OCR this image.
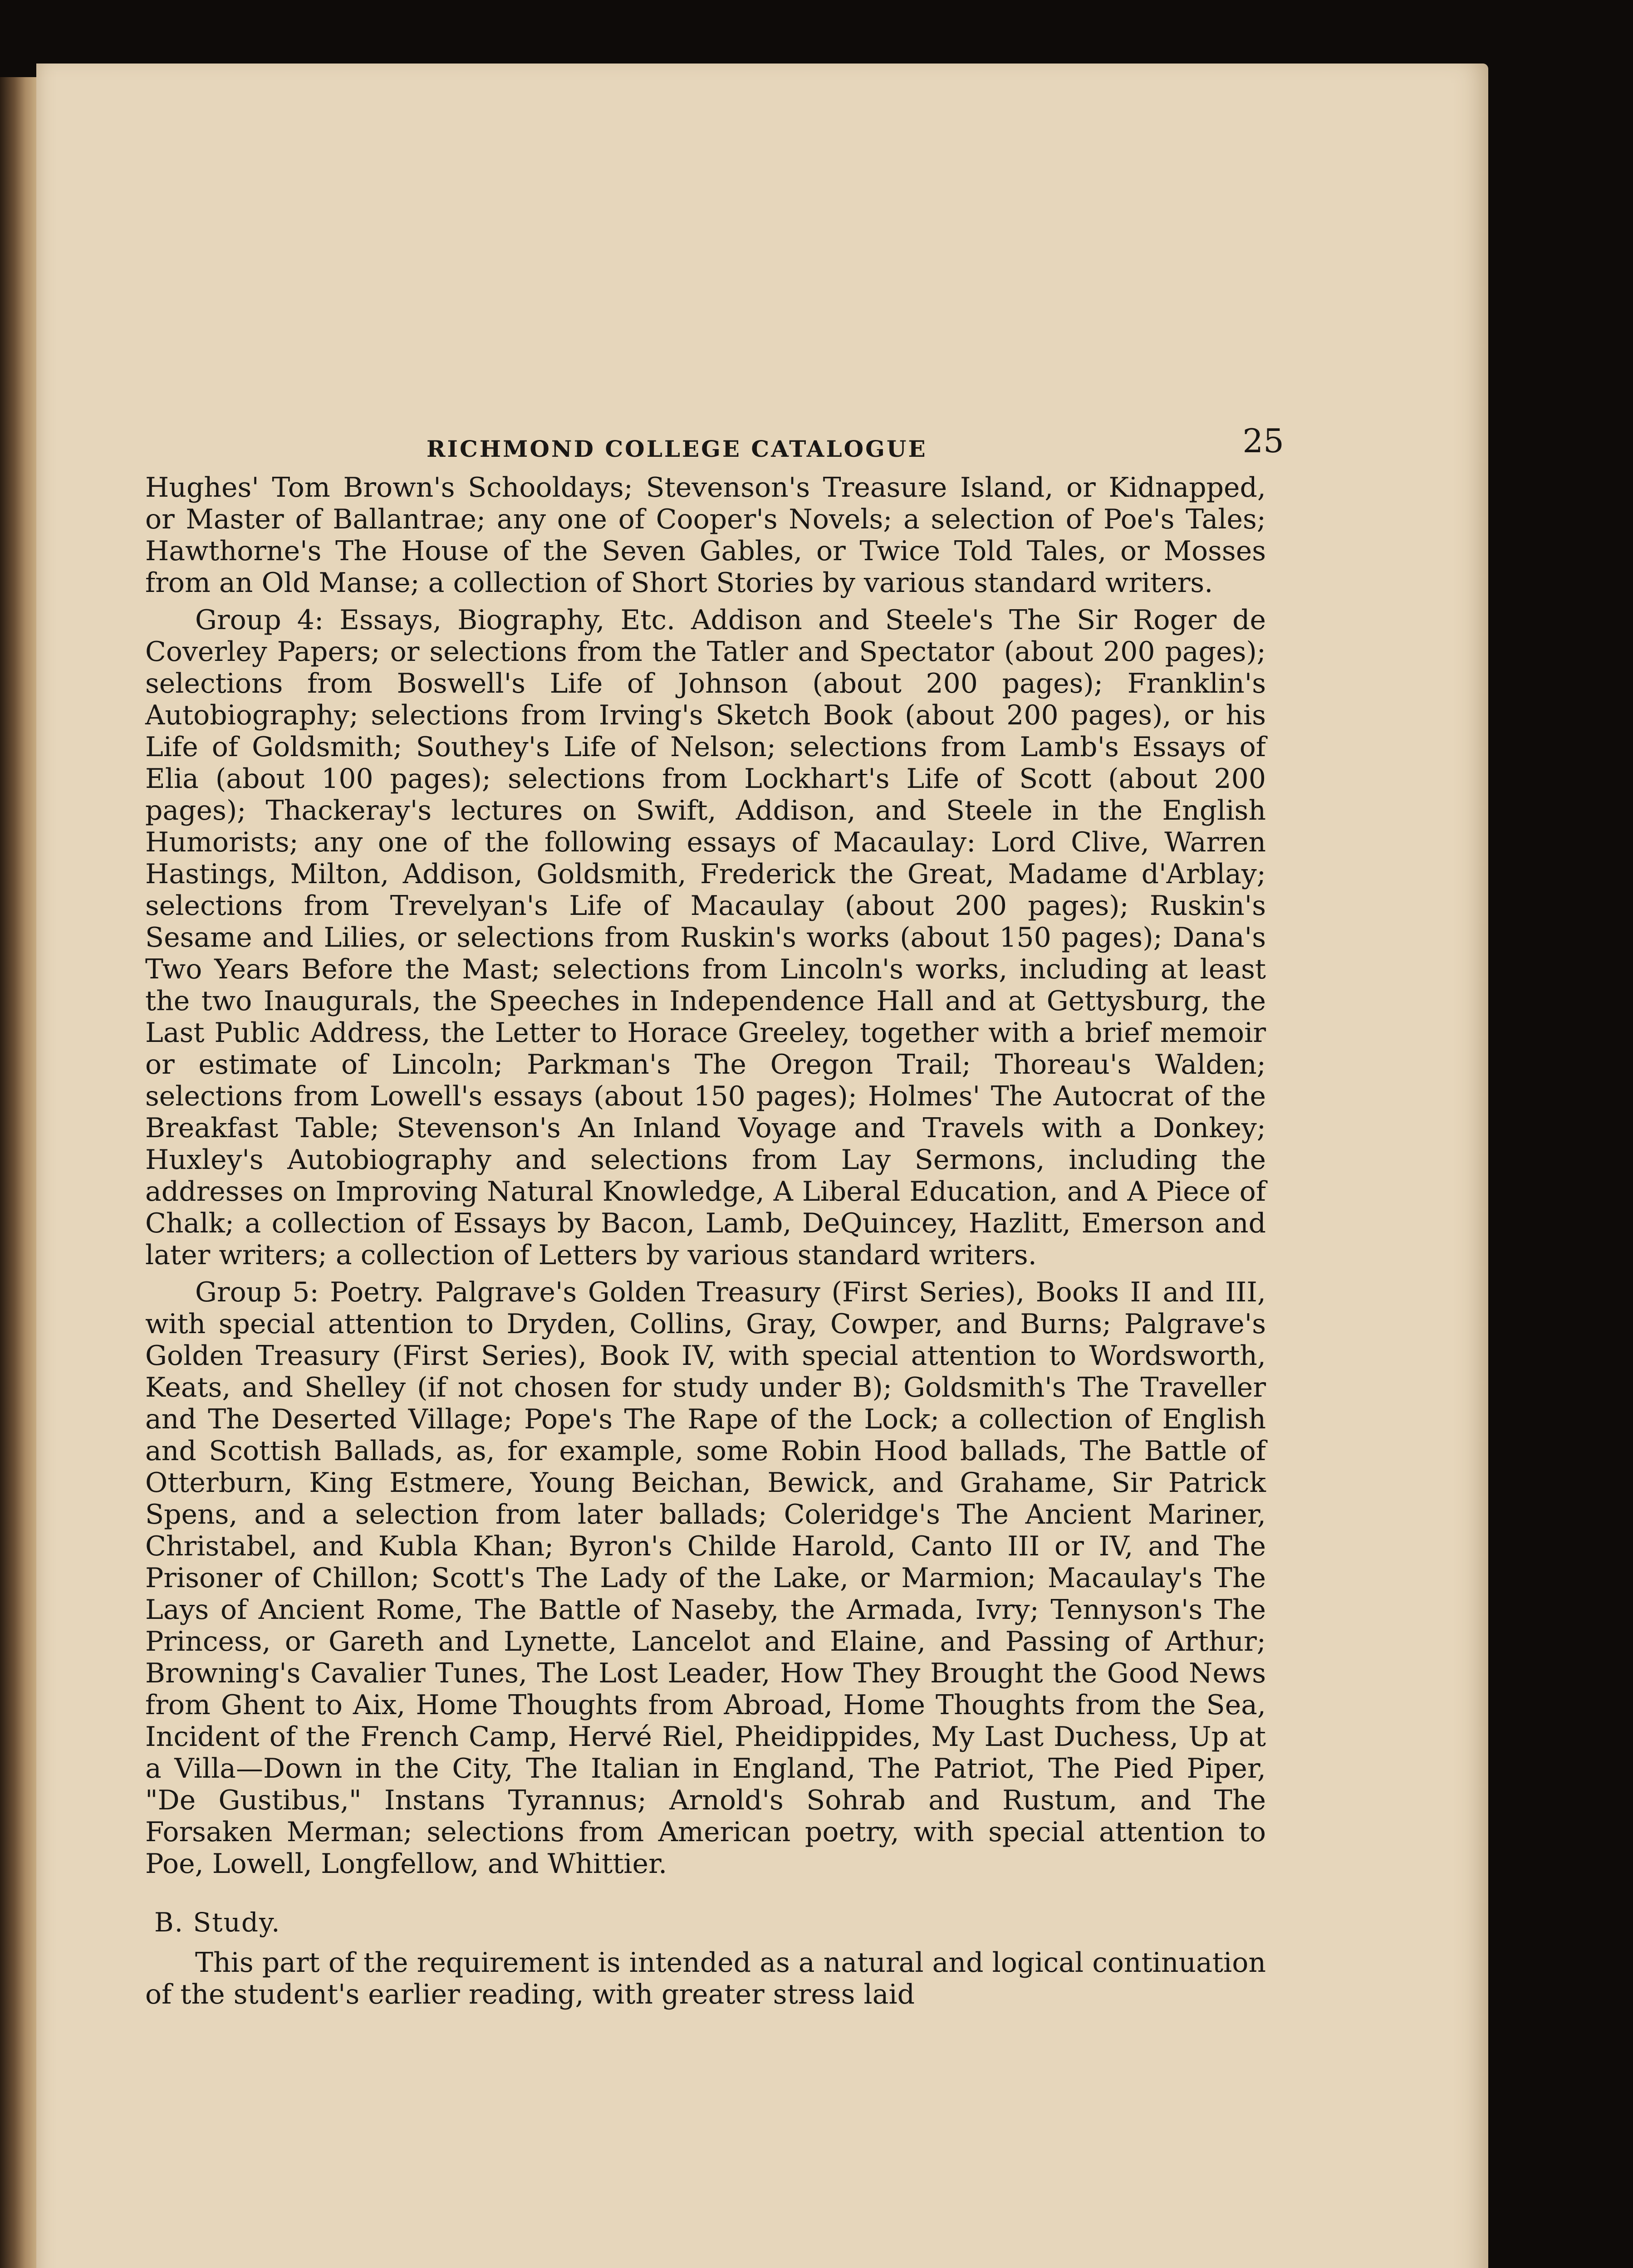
RICHMOND COLLEGE CATALOGUE	25

Hughes' Tom Brown's Schooldays; Stevenson's Treasure Island, or Kidnapped, or Master of Ballantrae; any one of Cooper's Novels; a selection of Poe's Tales; Hawthorne's The House of the Seven Gables, or Twice Told Tales, or Mosses from an Old Manse; a collection of Short Stories by various standard writers.

Group 4: Essays, Biography, Etc. Addison and Steele's The Sir Roger de Coverley Papers; or selections from the Tatler and Spectator (about 200 pages); selections from Boswell's Life of Johnson (about 200 pages); Franklin's Autobiography; selections from Irving's Sketch Book (about 200 pages), or his Life of Goldsmith; Southey's Life of Nelson; selections from Lamb's Essays of Elia (about 100 pages); selections from Lockhart's Life of Scott (about 200 pages); Thackeray's lectures on Swift, Addison, and Steele in the English Humorists; any one of the following essays of Macaulay: Lord Clive, Warren Hastings, Milton, Addison, Goldsmith, Frederick the Great, Madame d'Arblay; selections from Trevelyan's Life of Macaulay (about 200 pages); Ruskin's Sesame and Lilies, or selections from Ruskin's works (about 150 pages); Dana's Two Years Before the Mast; selections from Lincoln's works, including at least the two Inaugurals, the Speeches in Independence Hall and at Gettysburg, the Last Public Address, the Letter to Horace Greeley, together with a brief memoir or estimate of Lincoln; Parkman's The Oregon Trail; Thoreau's Walden; selections from Lowell's essays (about 150 pages); Holmes' The Autocrat of the Breakfast Table; Stevenson's An Inland Voyage and Travels with a Donkey; Huxley's Autobiography and selections from Lay Sermons, including the addresses on Improving Natural Knowledge, A Liberal Education, and A Piece of Chalk; a collection of Essays by Bacon, Lamb, DeQuincey, Hazlitt, Emerson and later writers; a collection of Letters by various standard writers.

Group 5: Poetry. Palgrave's Golden Treasury (First Series), Books II and III, with special attention to Dryden, Collins, Gray, Cowper, and Burns; Palgrave's Golden Treasury (First Series), Book IV, with special attention to Wordsworth, Keats, and Shelley (if not chosen for study under B); Goldsmith's The Traveller and The Deserted Village; Pope's The Rape of the Lock; a collection of English and Scottish Ballads, as, for example, some Robin Hood ballads, The Battle of Otterburn, King Estmere, Young Beichan, Bewick, and Grahame, Sir Patrick Spens, and a selection from later ballads; Coleridge's The Ancient Mariner, Christabel, and Kubla Khan; Byron's Childe Harold, Canto III or IV, and The Prisoner of Chillon; Scott's The Lady of the Lake, or Marmion; Macaulay's The Lays of Ancient Rome, The Battle of Naseby, the Armada, Ivry; Tennyson's The Princess, or Gareth and Lynette, Lancelot and Elaine, and Passing of Arthur; Browning's Cavalier Tunes, The Lost Leader, How They Brought the Good News from Ghent to Aix, Home Thoughts from Abroad, Home Thoughts from the Sea, Incident of the French Camp, Hervé Riel, Pheidippides, My Last Duchess, Up at a Villa—Down in the City, The Italian in England, The Patriot, The Pied Piper, "De Gustibus," Instans Tyrannus; Arnold's Sohrab and Rustum, and The Forsaken Merman; selections from American poetry, with special attention to Poe, Lowell, Longfellow, and Whittier.

B. Study.

This part of the requirement is intended as a natural and logical continuation of the student's earlier reading, with greater stress laid
